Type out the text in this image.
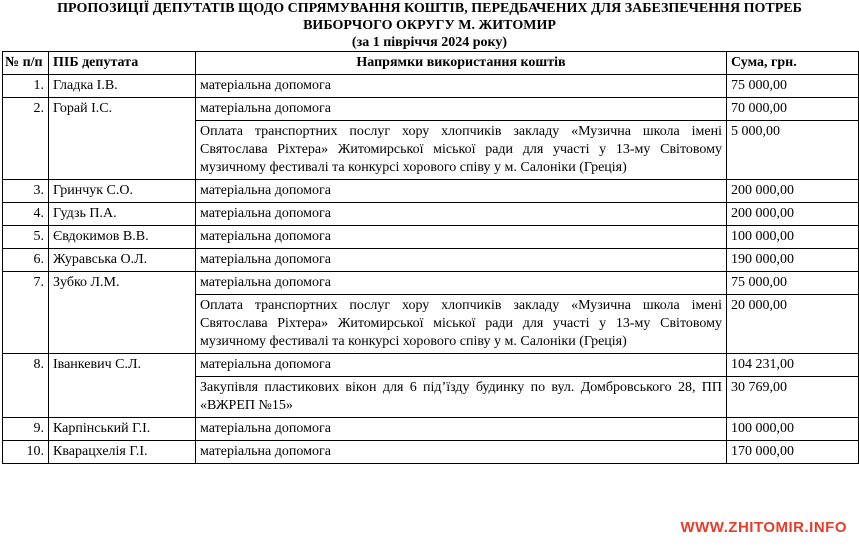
ПРОПОЗИЦІЇ ДЕПУТАТІВ ЩОДО СПРЯМУВАННЯ КОШТІВ, ПЕРЕДБАЧЕНИХ ДЛЯ ЗАБЕЗПЕЧЕННЯ ПОТРЕБ
ВИБОРЧОГО ОКРУГУ М. ЖИТОМИР
(за 1 півріччя 2024 року)
№ п/п	ПІБ депутата	Напрямки використання коштів	Сума, грн.
1.	Гладка І.В.	матеріальна допомога	75 000,00
2.	Горай І.С.	матеріальна допомога	70 000,00
		Оплата транспортних послуг хору хлопчиків закладу «Музична школа імені Святослава Ріхтера» Житомирської міської ради для участі у 13-му Світовому музичному фестивалі та конкурсі хорового співу у м. Салоніки (Греція)	5 000,00
3.	Гринчук С.О.	матеріальна допомога	200 000,00
4.	Гудзь П.А.	матеріальна допомога	200 000,00
5.	Євдокимов В.В.	матеріальна допомога	100 000,00
6.	Журавська О.Л.	матеріальна допомога	190 000,00
7.	Зубко Л.М.	матеріальна допомога	75 000,00
		Оплата транспортних послуг хору хлопчиків закладу «Музична школа імені Святослава Ріхтера» Житомирської міської ради для участі у 13-му Світовому музичному фестивалі та конкурсі хорового співу у м. Салоніки (Греція)	20 000,00
8.	Іванкевич С.Л.	матеріальна допомога	104 231,00
		Закупівля пластикових вікон для 6 під’їзду будинку по вул. Домбровського 28, ПП «ВЖРЕП №15»	30 769,00
9.	Карпінський Г.І.	матеріальна допомога	100 000,00
10.	Кварацхелія Г.І.	матеріальна допомога	170 000,00
WWW.ZHITOMIR.INFO
